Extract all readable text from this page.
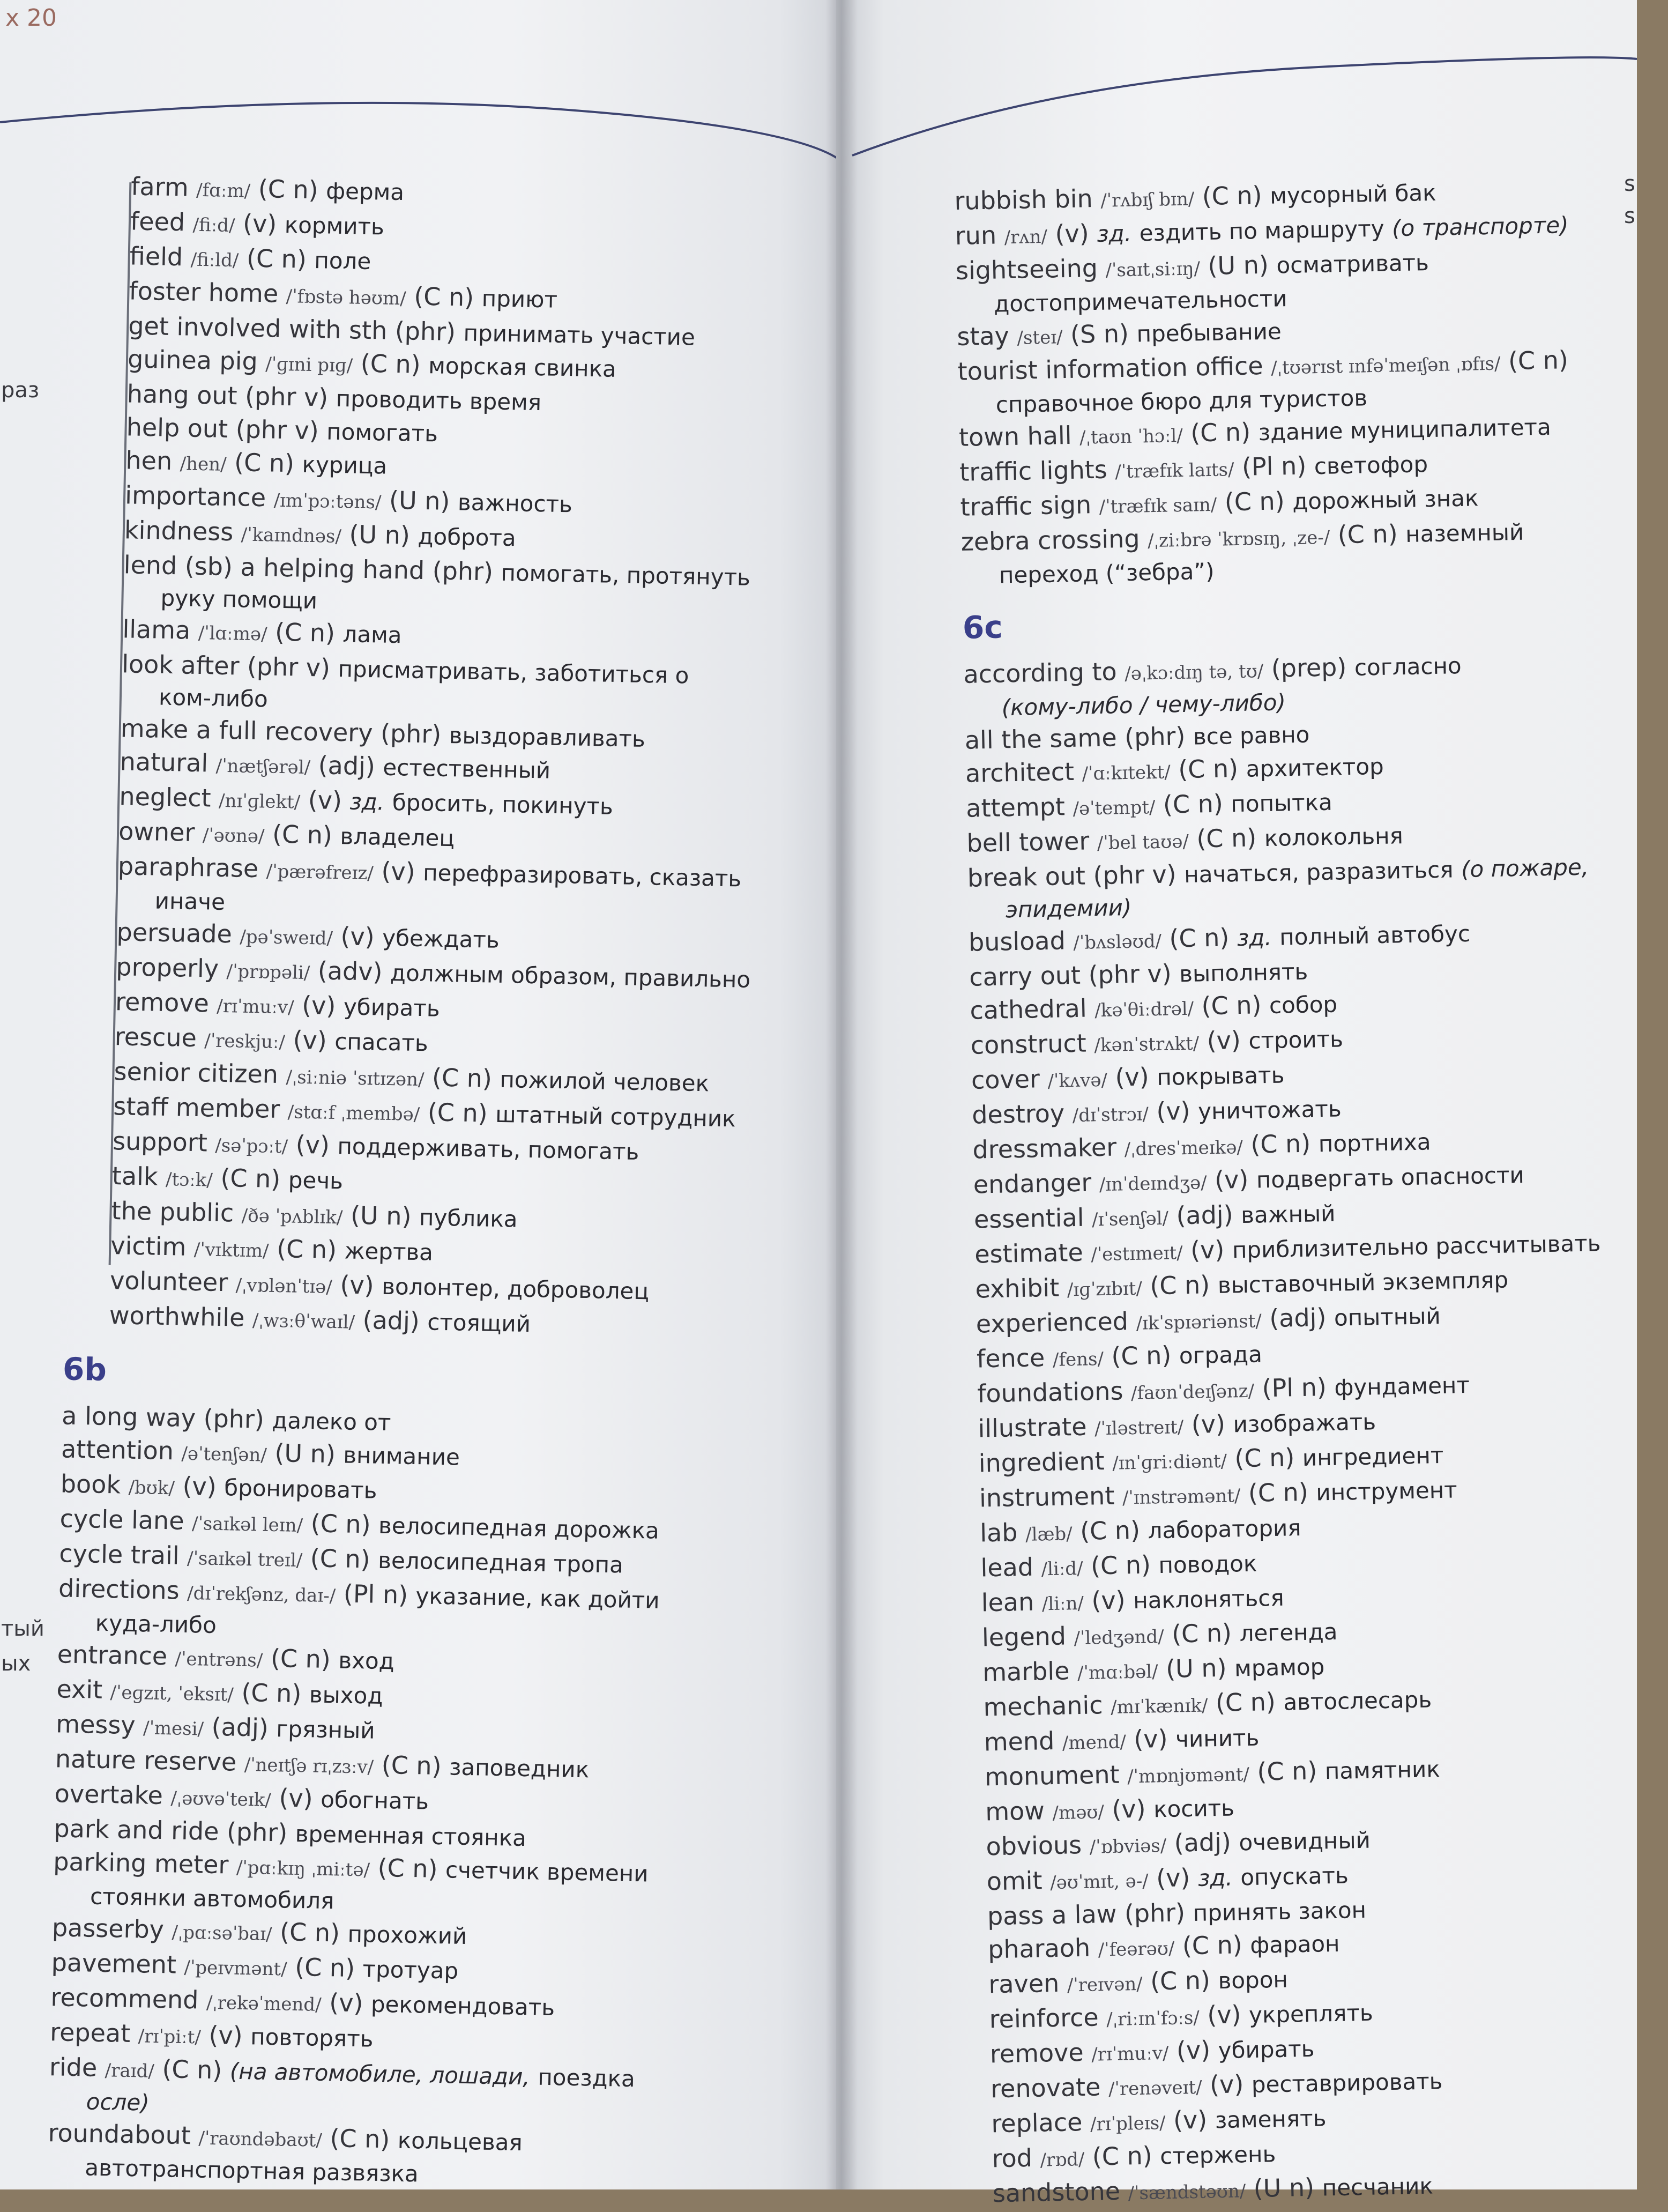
х 20
раз
тый
ых
farm /fɑːm/ (C n) ферма
feed /fiːd/ (v) кормить
field /fiːld/ (C n) поле
foster home /ˈfɒstə həʊm/ (C n) приют
get involved with sth (phr) принимать участие
guinea pig /ˈɡɪni pɪɡ/ (C n) морская свинка
hang out (phr v) проводить время
help out (phr v) помогать
hen /hen/ (C n) курица
importance /ɪmˈpɔːtəns/ (U n) важность
kindness /ˈkaɪndnəs/ (U n) доброта
lend (sb) a helping hand (phr) помогать, протянуть
руку помощи
llama /ˈlɑːmə/ (C n) лама
look after (phr v) присматривать, заботиться о
ком-либо
make a full recovery (phr) выздоравливать
natural /ˈnætʃərəl/ (adj) естественный
neglect /nɪˈɡlekt/ (v) зд. бросить, покинуть
owner /ˈəʊnə/ (C n) владелец
paraphrase /ˈpærəfreɪz/ (v) перефразировать, сказать
иначе
persuade /pəˈsweɪd/ (v) убеждать
properly /ˈprɒpəli/ (adv) должным образом, правильно
remove /rɪˈmuːv/ (v) убирать
rescue /ˈreskjuː/ (v) спасать
senior citizen /ˌsiːniə ˈsɪtɪzən/ (C n) пожилой человек
staff member /stɑːf ˌmembə/ (C n) штатный сотрудник
support /səˈpɔːt/ (v) поддерживать, помогать
talk /tɔːk/ (C n) речь
the public /ðə ˈpʌblɪk/ (U n) публика
victim /ˈvɪktɪm/ (C n) жертва
volunteer /ˌvɒlənˈtɪə/ (v) волонтер, доброволец
worthwhile /ˌwɜːθˈwaɪl/ (adj) стоящий
6b
a long way (phr) далеко от
attention /əˈtenʃən/ (U n) внимание
book /bʊk/ (v) бронировать
cycle lane /ˈsaɪkəl leɪn/ (C n) велосипедная дорожка
cycle trail /ˈsaɪkəl treɪl/ (C n) велосипедная тропа
directions /dɪˈrekʃənz, daɪ-/ (Pl n) указание, как дойти
куда-либо
entrance /ˈentrəns/ (C n) вход
exit /ˈeɡzɪt, ˈeksɪt/ (C n) выход
messy /ˈmesi/ (adj) грязный
nature reserve /ˈneɪtʃə rɪˌzɜːv/ (C n) заповедник
overtake /ˌəʊvəˈteɪk/ (v) обогнать
park and ride (phr) временная стоянка
parking meter /ˈpɑːkɪŋ ˌmiːtə/ (C n) счетчик времени
стоянки автомобиля
passerby /ˌpɑːsəˈbaɪ/ (C n) прохожий
pavement /ˈpeɪvmənt/ (C n) тротуар
recommend /ˌrekəˈmend/ (v) рекомендовать
repeat /rɪˈpiːt/ (v) повторять
ride /raɪd/ (C n) (на автомобиле, лошади, поездка
осле)
roundabout /ˈraʊndəbaʊt/ (C n) кольцевая
автотранспортная развязка
s
s
rubbish bin /ˈrʌbɪʃ bɪn/ (C n) мусорный бак
run /rʌn/ (v) зд. ездить по маршруту (о транспорте)
sightseeing /ˈsaɪtˌsiːɪŋ/ (U n) осматривать
достопримечательности
stay /steɪ/ (S n) пребывание
tourist information office /ˌtʊərɪst ɪnfəˈmeɪʃən ˌɒfɪs/ (C n)
справочное бюро для туристов
town hall /ˌtaʊn ˈhɔːl/ (C n) здание муниципалитета
traffic lights /ˈtræfɪk laɪts/ (Pl n) светофор
traffic sign /ˈtræfɪk saɪn/ (C n) дорожный знак
zebra crossing /ˌziːbrə ˈkrɒsɪŋ, ˌze-/ (C n) наземный
переход (“зебра”)
6c
according to /əˌkɔːdɪŋ tə, tʊ/ (prep) согласно
(кому-либо / чему-либо)
all the same (phr) все равно
architect /ˈɑːkɪtekt/ (C n) архитектор
attempt /əˈtempt/ (C n) попытка
bell tower /ˈbel taʊə/ (C n) колокольня
break out (phr v) начаться, разразиться (о пожаре,
эпидемии)
busload /ˈbʌsləʊd/ (C n) зд. полный автобус
carry out (phr v) выполнять
cathedral /kəˈθiːdrəl/ (C n) собор
construct /kənˈstrʌkt/ (v) строить
cover /ˈkʌvə/ (v) покрывать
destroy /dɪˈstrɔɪ/ (v) уничтожать
dressmaker /ˌdresˈmeɪkə/ (C n) портниха
endanger /ɪnˈdeɪndʒə/ (v) подвергать опасности
essential /ɪˈsenʃəl/ (adj) важный
estimate /ˈestɪmeɪt/ (v) приблизительно рассчитывать
exhibit /ɪɡˈzɪbɪt/ (C n) выставочный экземпляр
experienced /ɪkˈspɪəriənst/ (adj) опытный
fence /fens/ (C n) ограда
foundations /faʊnˈdeɪʃənz/ (Pl n) фундамент
illustrate /ˈɪləstreɪt/ (v) изображать
ingredient /ɪnˈɡriːdiənt/ (C n) ингредиент
instrument /ˈɪnstrəmənt/ (C n) инструмент
lab /læb/ (C n) лаборатория
lead /liːd/ (C n) поводок
lean /liːn/ (v) наклоняться
legend /ˈledʒənd/ (C n) легенда
marble /ˈmɑːbəl/ (U n) мрамор
mechanic /mɪˈkænɪk/ (C n) автослесарь
mend /mend/ (v) чинить
monument /ˈmɒnjʊmənt/ (C n) памятник
mow /məʊ/ (v) косить
obvious /ˈɒbviəs/ (adj) очевидный
omit /əʊˈmɪt, ə-/ (v) зд. опускать
pass a law (phr) принять закон
pharaoh /ˈfeərəʊ/ (C n) фараон
raven /ˈreɪvən/ (C n) ворон
reinforce /ˌriːɪnˈfɔːs/ (v) укреплять
remove /rɪˈmuːv/ (v) убирать
renovate /ˈrenəveɪt/ (v) реставрировать
replace /rɪˈpleɪs/ (v) заменять
rod /rɒd/ (C n) стержень
sandstone /ˈsændstəʊn/ (U n) песчаник
